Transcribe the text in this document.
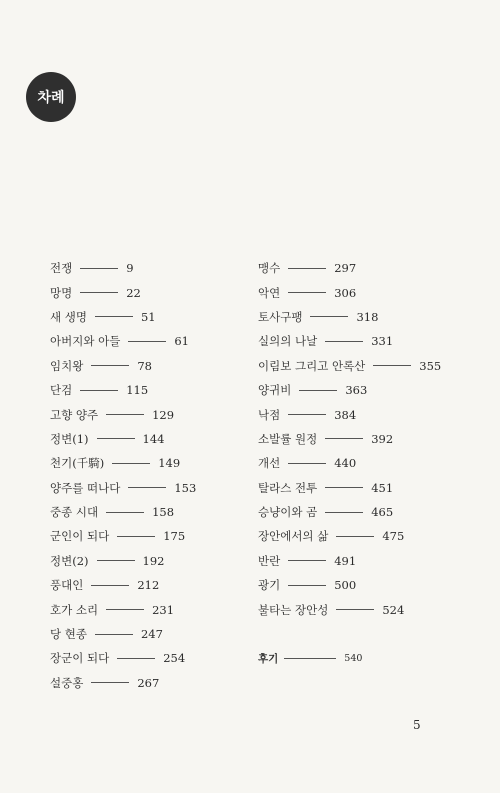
차례
전쟁	9
망명	22
새 생명	51
아버지와 아들	61
임치왕	78
단검	115
고향 양주	129
정변(1)	144
천기(千騎)	149
양주를 떠나다	153
중종 시대	158
군인이 되다	175
정변(2)	192
풍대인	212
호가 소리	231
당 현종	247
장군이 되다	254
설중홍	267
맹수	297
악연	306
토사구팽	318
실의의 나날	331
이림보 그리고 안록산	355
양귀비	363
낙점	384
소발률 원정	392
개선	440
탈라스 전투	451
승냥이와 곰	465
장안에서의 삶	475
반란	491
광기	500
불타는 장안성	524
후기	540
5
